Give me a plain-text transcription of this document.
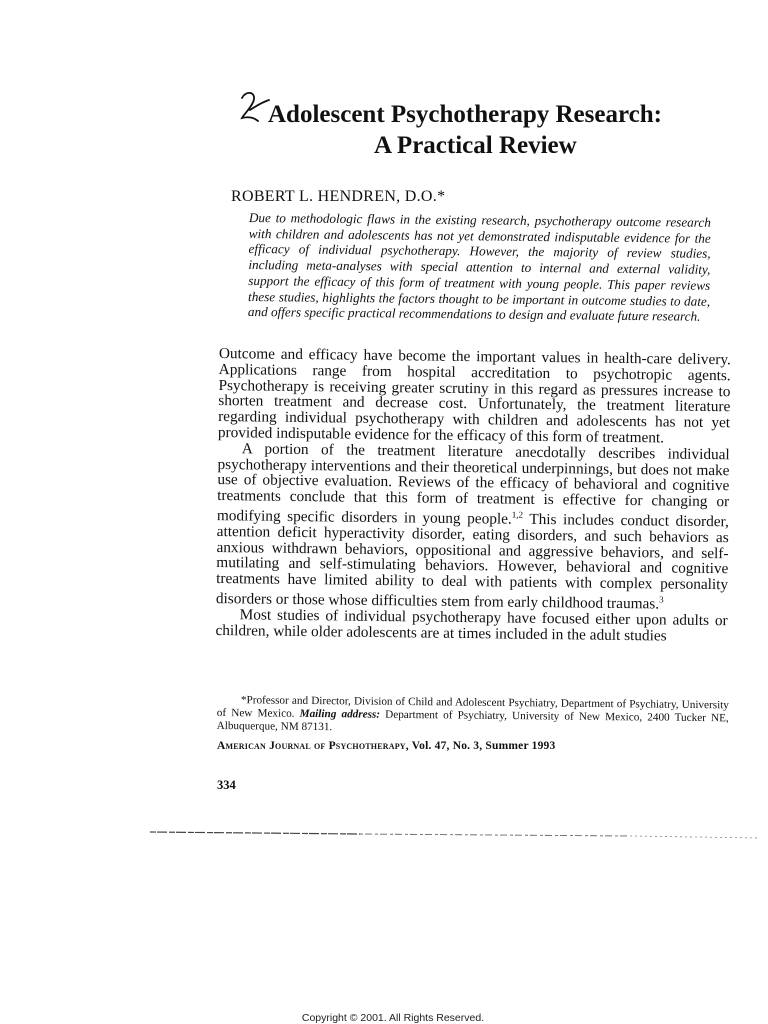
Adolescent Psychotherapy Research:
A Practical Review
ROBERT L. HENDREN, D.O.*

Due to methodologic flaws in the existing research, psychotherapy outcome research with children and adolescents has not yet demonstrated indisputable evidence for the efficacy of individual psychotherapy. However, the majority of review studies, including meta-analyses with special attention to internal and external validity, support the efficacy of this form of treatment with young people. This paper reviews these studies, highlights the factors thought to be important in outcome studies to date, and offers specific practical recommendations to design and evaluate future research.

Outcome and efficacy have become the important values in health-care delivery. Applications range from hospital accreditation to psychotropic agents. Psychotherapy is receiving greater scrutiny in this regard as pressures increase to shorten treatment and decrease cost. Unfortunately, the treatment literature regarding individual psychotherapy with children and adolescents has not yet provided indisputable evidence for the efficacy of this form of treatment.

A portion of the treatment literature anecdotally describes individual psychotherapy interventions and their theoretical underpinnings, but does not make use of objective evaluation. Reviews of the efficacy of behavioral and cognitive treatments conclude that this form of treatment is effective for changing or modifying specific disorders in young people.$^{1,2}$ This includes conduct disorder, attention deficit hyperactivity disorder, eating disorders, and such behaviors as anxious withdrawn behaviors, oppositional and aggressive behaviors, and self-mutilating and self-stimulating behaviors. However, behavioral and cognitive treatments have limited ability to deal with patients with complex personality disorders or those whose difficulties stem from early childhood traumas.$^3$

Most studies of individual psychotherapy have focused either upon adults or children, while older adolescents are at times included in the adult studies

*Professor and Director, Division of Child and Adolescent Psychiatry, Department of Psychiatry, University of New Mexico. Mailing address: Department of Psychiatry, University of New Mexico, 2400 Tucker NE, Albuquerque, NM 87131.

American Journal of Psychotherapy, Vol. 47, No. 3, Summer 1993
334
Copyright © 2001. All Rights Reserved.
